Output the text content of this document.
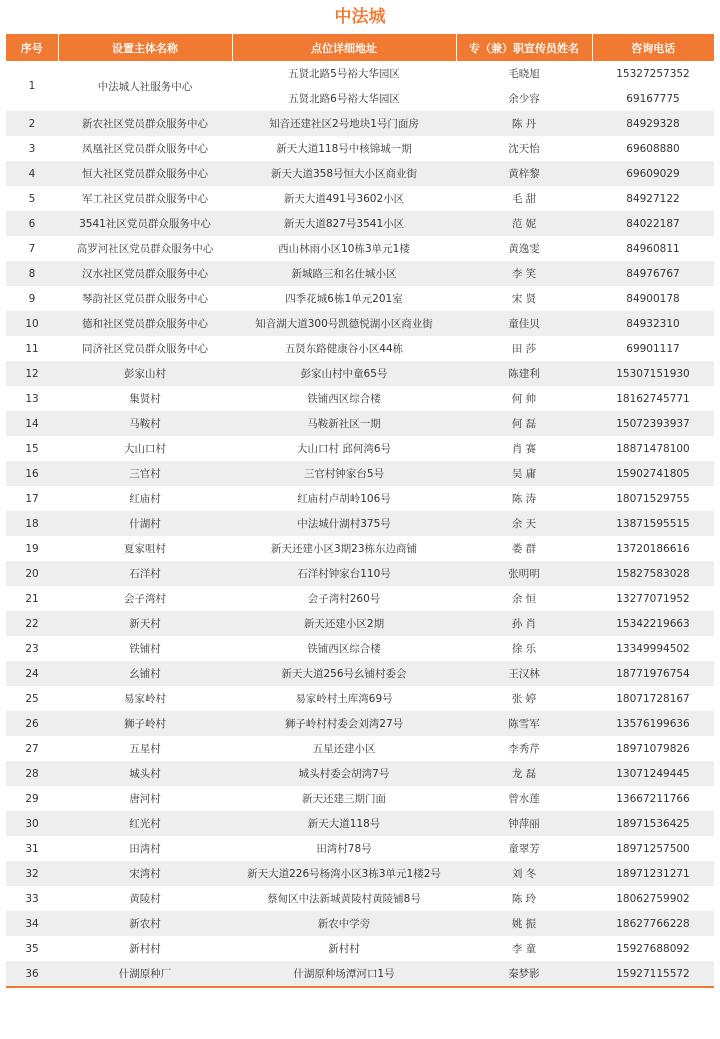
中法城
序号	设置主体名称	点位详细地址	专（兼）职宣传员姓名	咨询电话
1	中法城人社服务中心	五贤北路5号裕大华园区	毛晓旭	15327257352
		五贤北路6号裕大华园区	余少容	69167775
2	新农社区党员群众服务中心	知音还建社区2号地块1号门面房	陈 丹	84929328
3	凤凰社区党员群众服务中心	新天大道118号中核锦城一期	沈天怡	69608880
4	恒大社区党员群众服务中心	新天大道358号恒大小区商业街	黄梓黎	69609029
5	军工社区党员群众服务中心	新天大道491号3602小区	毛 甜	84927122
6	3541社区党员群众服务中心	新天大道827号3541小区	范 妮	84022187
7	高罗河社区党员群众服务中心	西山林雨小区10栋3单元1楼	黄逸雯	84960811
8	汉水社区党员群众服务中心	新城路三和名仕城小区	李 笑	84976767
9	琴韵社区党员群众服务中心	四季花城6栋1单元201室	宋 贤	84900178
10	德和社区党员群众服务中心	知音湖大道300号凯德悦湖小区商业街	童佳贝	84932310
11	同济社区党员群众服务中心	五贤东路健康谷小区44栋	田 莎	69901117
12	彭家山村	彭家山村中童65号	陈建利	15307151930
13	集贤村	铁铺西区综合楼	何 帅	18162745771
14	马鞍村	马鞍新社区一期	何 磊	15072393937
15	大山口村	大山口村 邱何湾6号	肖 赛	18871478100
16	三官村	三官村钟家台5号	吴 庸	15902741805
17	红庙村	红庙村卢胡岭106号	陈 涛	18071529755
18	什湖村	中法城什湖村375号	余 天	13871595515
19	夏家咀村	新天还建小区3期23栋东边商铺	娄 群	13720186616
20	石洋村	石洋村钟家台110号	张明明	15827583028
21	会子湾村	会子湾村260号	余 恒	13277071952
22	新天村	新天还建小区2期	孙 肖	15342219663
23	铁铺村	铁铺西区综合楼	徐 乐	13349994502
24	幺铺村	新天大道256号幺铺村委会	王汉林	18771976754
25	易家岭村	易家岭村土库湾69号	张 婷	18071728167
26	狮子岭村	狮子岭村村委会刘湾27号	陈雪军	13576199636
27	五星村	五星还建小区	李秀芹	18971079826
28	城头村	城头村委会胡湾7号	龙 磊	13071249445
29	唐河村	新天还建三期门面	曾水莲	13667211766
30	红光村	新天大道118号	钟萍丽	18971536425
31	田湾村	田湾村78号	童翠芳	18971257500
32	宋湾村	新天大道226号杨湾小区3栋3单元1楼2号	刘 冬	18971231271
33	黄陵村	蔡甸区中法新城黄陵村黄陵铺8号	陈 玲	18062759902
34	新农村	新农中学旁	姚 振	18627766228
35	新村村	新村村	李 童	15927688092
36	什湖原种厂	什湖原种场潭河口1号	秦梦影	15927115572
